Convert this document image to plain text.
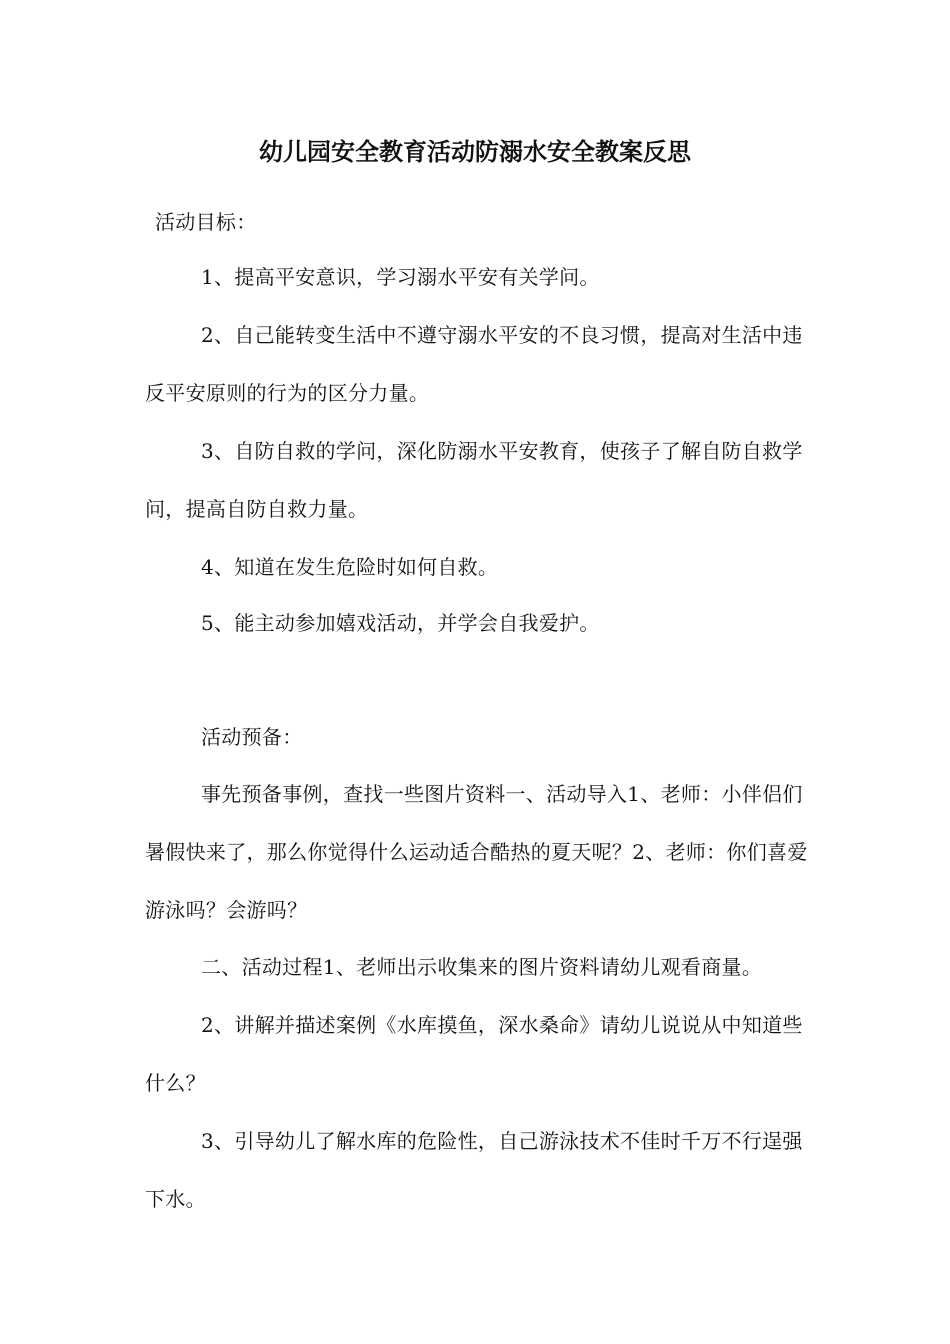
幼儿园安全教育活动防溺水安全教案反思
活动目标：
1、提高平安意识，学习溺水平安有关学问。
2、自己能转变生活中不遵守溺水平安的不良习惯，提高对生活中违反平安原则的行为的区分力量。
3、自防自救的学问，深化防溺水平安教育，使孩子了解自防自救学问，提高自防自救力量。
4、知道在发生危险时如何自救。
5、能主动参加嬉戏活动，并学会自我爱护。
活动预备：
事先预备事例，查找一些图片资料一、活动导入1、老师：小伴侣们暑假快来了，那么你觉得什么运动适合酷热的夏天呢？2、老师：你们喜爱游泳吗？会游吗？
二、活动过程1、老师出示收集来的图片资料请幼儿观看商量。
2、讲解并描述案例《水库摸鱼，深水桑命》请幼儿说说从中知道些什么？
3、引导幼儿了解水库的危险性，自己游泳技术不佳时千万不行逞强下水。
